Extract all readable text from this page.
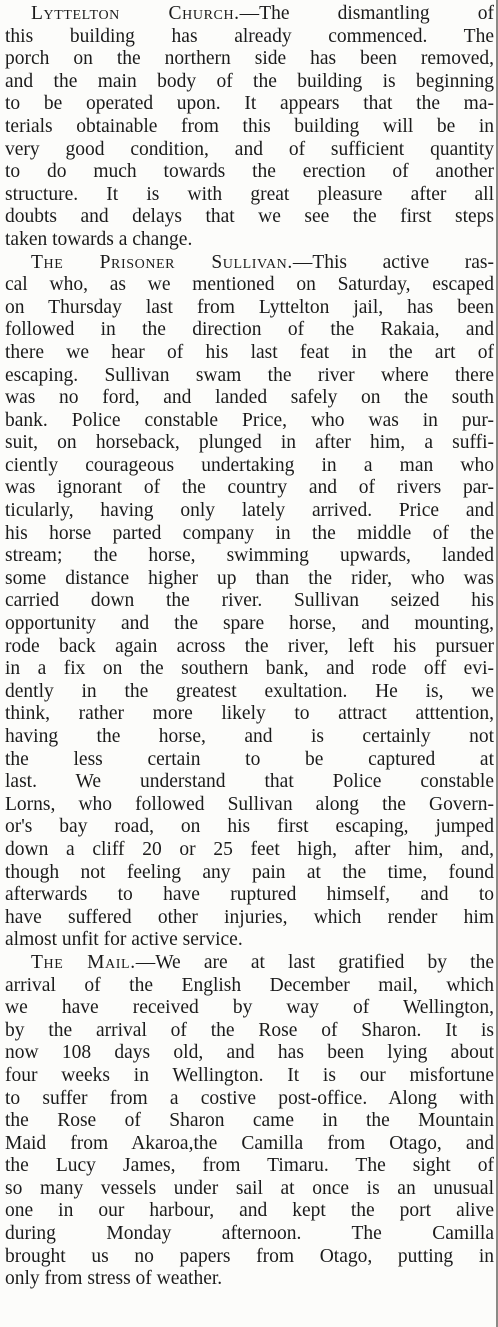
Lyttelton Church.—The dismantling of
this building has already commenced. The
porch on the northern side has been removed,
and the main body of the building is beginning
to be operated upon. It appears that the ma-
terials obtainable from this building will be in
very good condition, and of sufficient quantity
to do much towards the erection of another
structure. It is with great pleasure after all
doubts and delays that we see the first steps
taken towards a change.
The Prisoner Sullivan.—This active ras-
cal who, as we mentioned on Saturday, escaped
on Thursday last from Lyttelton jail, has been
followed in the direction of the Rakaia, and
there we hear of his last feat in the art of
escaping. Sullivan swam the river where there
was no ford, and landed safely on the south
bank. Police constable Price, who was in pur-
suit, on horseback, plunged in after him, a suffi-
ciently courageous undertaking in a man who
was ignorant of the country and of rivers par-
ticularly, having only lately arrived. Price and
his horse parted company in the middle of the
stream; the horse, swimming upwards, landed
some distance higher up than the rider, who was
carried down the river. Sullivan seized his
opportunity and the spare horse, and mounting,
rode back again across the river, left his pursuer
in a fix on the southern bank, and rode off evi-
dently in the greatest exultation. He is, we
think, rather more likely to attract atttention,
having the horse, and is certainly not
the less certain to be captured at
last. We understand that Police constable
Lorns, who followed Sullivan along the Govern-
or's bay road, on his first escaping, jumped
down a cliff 20 or 25 feet high, after him, and,
though not feeling any pain at the time, found
afterwards to have ruptured himself, and to
have suffered other injuries, which render him
almost unfit for active service.
The Mail.—We are at last gratified by the
arrival of the English December mail, which
we have received by way of Wellington,
by the arrival of the Rose of Sharon. It is
now 108 days old, and has been lying about
four weeks in Wellington. It is our misfortune
to suffer from a costive post-office. Along with
the Rose of Sharon came in the Mountain
Maid from Akaroa,the Camilla from Otago, and
the Lucy James, from Timaru. The sight of
so many vessels under sail at once is an unusual
one in our harbour, and kept the port alive
during Monday afternoon. The Camilla
brought us no papers from Otago, putting in
only from stress of weather.
